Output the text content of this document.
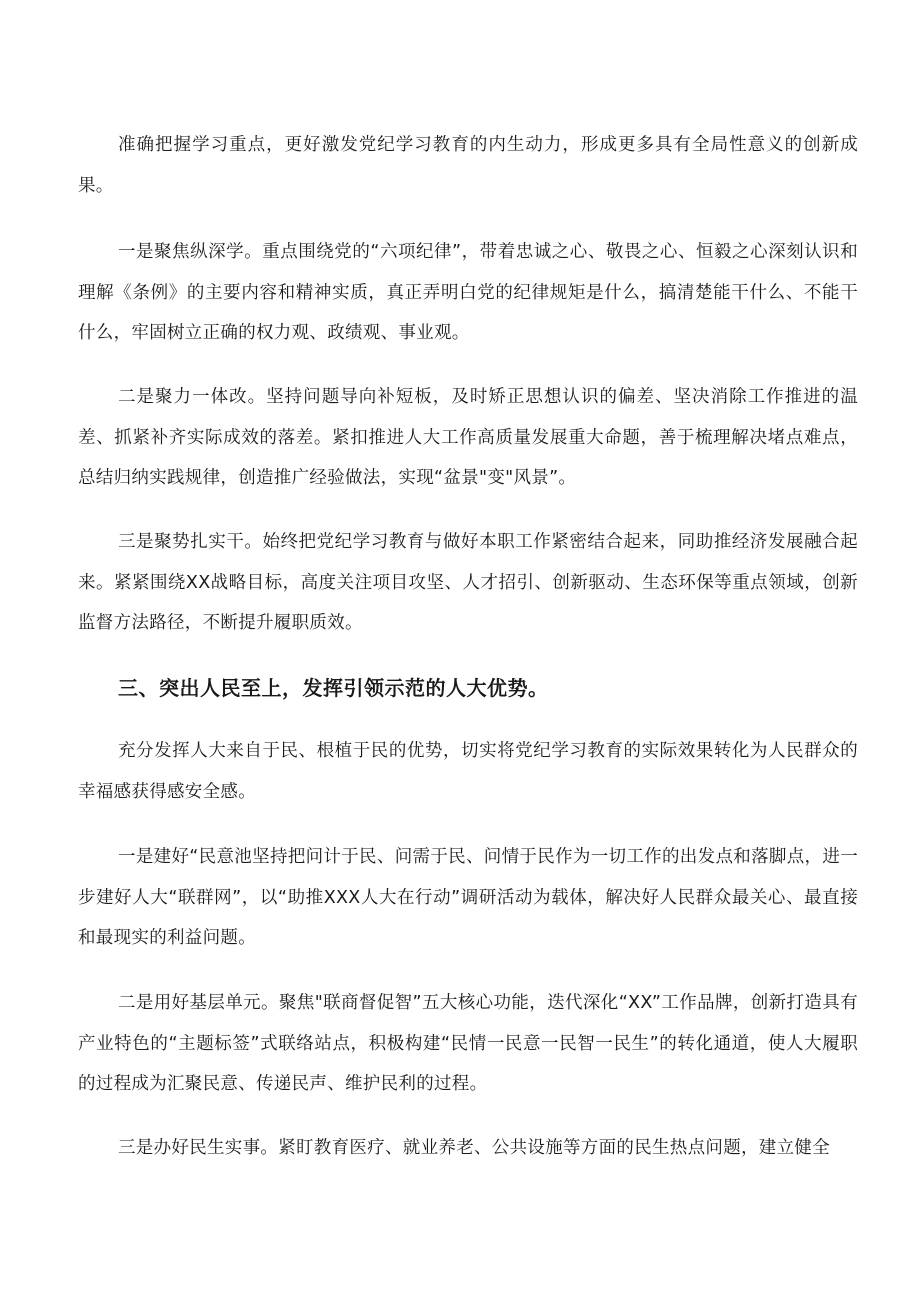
准确把握学习重点，更好激发党纪学习教育的内生动力，形成更多具有全局性意义的创新成果。

一是聚焦纵深学。重点围绕党的“六项纪律”，带着忠诚之心、敬畏之心、恒毅之心深刻认识和理解《条例》的主要内容和精神实质，真正弄明白党的纪律规矩是什么，搞清楚能干什么、不能干什么，牢固树立正确的权力观、政绩观、事业观。

二是聚力一体改。坚持问题导向补短板，及时矫正思想认识的偏差、坚决消除工作推进的温差、抓紧补齐实际成效的落差。紧扣推进人大工作高质量发展重大命题，善于梳理解决堵点难点，总结归纳实践规律，创造推广经验做法，实现“盆景"变"风景”。

三是聚势扎实干。始终把党纪学习教育与做好本职工作紧密结合起来，同助推经济发展融合起来。紧紧围绕XX战略目标，高度关注项目攻坚、人才招引、创新驱动、生态环保等重点领域，创新监督方法路径，不断提升履职质效。

三、突出人民至上，发挥引领示范的人大优势。

充分发挥人大来自于民、根植于民的优势，切实将党纪学习教育的实际效果转化为人民群众的幸福感获得感安全感。

一是建好“民意池坚持把问计于民、问需于民、问情于民作为一切工作的出发点和落脚点，进一步建好人大“联群网”，以“助推XXX人大在行动”调研活动为载体，解决好人民群众最关心、最直接和最现实的利益问题。

二是用好基层单元。聚焦"联商督促智”五大核心功能，迭代深化“XX”工作品牌，创新打造具有产业特色的“主题标签”式联络站点，积极构建“民情一民意一民智一民生”的转化通道，使人大履职的过程成为汇聚民意、传递民声、维护民利的过程。

三是办好民生实事。紧盯教育医疗、就业养老、公共设施等方面的民生热点问题，建立健全
